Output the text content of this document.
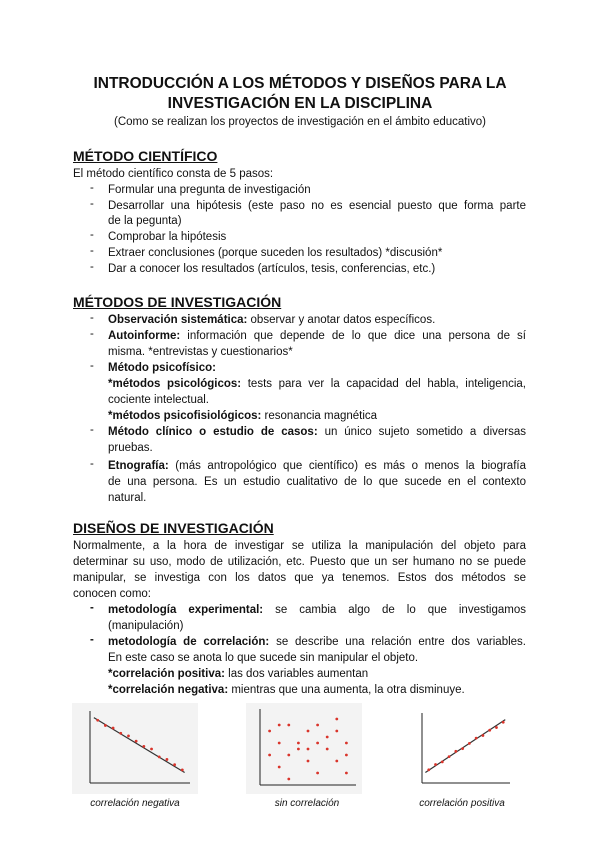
INTRODUCCIÓN A LOS MÉTODOS Y DISEÑOS PARA LA
INVESTIGACIÓN EN LA DISCIPLINA
(Como se realizan los proyectos de investigación en el ámbito educativo)
MÉTODO CIENTÍFICO
El método científico consta de 5 pasos:
- Formular una pregunta de investigación
- Desarrollar una hipótesis (este paso no es esencial puesto que forma parte
de la pegunta)
- Comprobar la hipótesis
- Extraer conclusiones (porque suceden los resultados) *discusión*
- Dar a conocer los resultados (artículos, tesis, conferencias, etc.)
MÉTODOS DE INVESTIGACIÓN
- Observación sistemática: observar y anotar datos específicos.
- Autoinforme: información que depende de lo que dice una persona de sí
misma. *entrevistas y cuestionarios*
- Método psicofísico:
*métodos psicológicos: tests para ver la capacidad del habla, inteligencia,
cociente intelectual.
*métodos psicofisiológicos: resonancia magnética
- Método clínico o estudio de casos: un único sujeto sometido a diversas
pruebas.
- Etnografía: (más antropológico que científico) es más o menos la biografía
de una persona. Es un estudio cualitativo de lo que sucede en el contexto
natural.
DISEÑOS DE INVESTIGACIÓN
Normalmente, a la hora de investigar se utiliza la manipulación del objeto para
determinar su uso, modo de utilización, etc. Puesto que un ser humano no se puede
manipular, se investiga con los datos que ya tenemos. Estos dos métodos se
conocen como:
- metodología experimental: se cambia algo de lo que investigamos
(manipulación)
- metodología de correlación: se describe una relación entre dos variables.
En este caso se anota lo que sucede sin manipular el objeto.
*correlación positiva: las dos variables aumentan
*correlación negativa: mientras que una aumenta, la otra disminuye.
correlación negativa	sin correlación	correlación positiva
